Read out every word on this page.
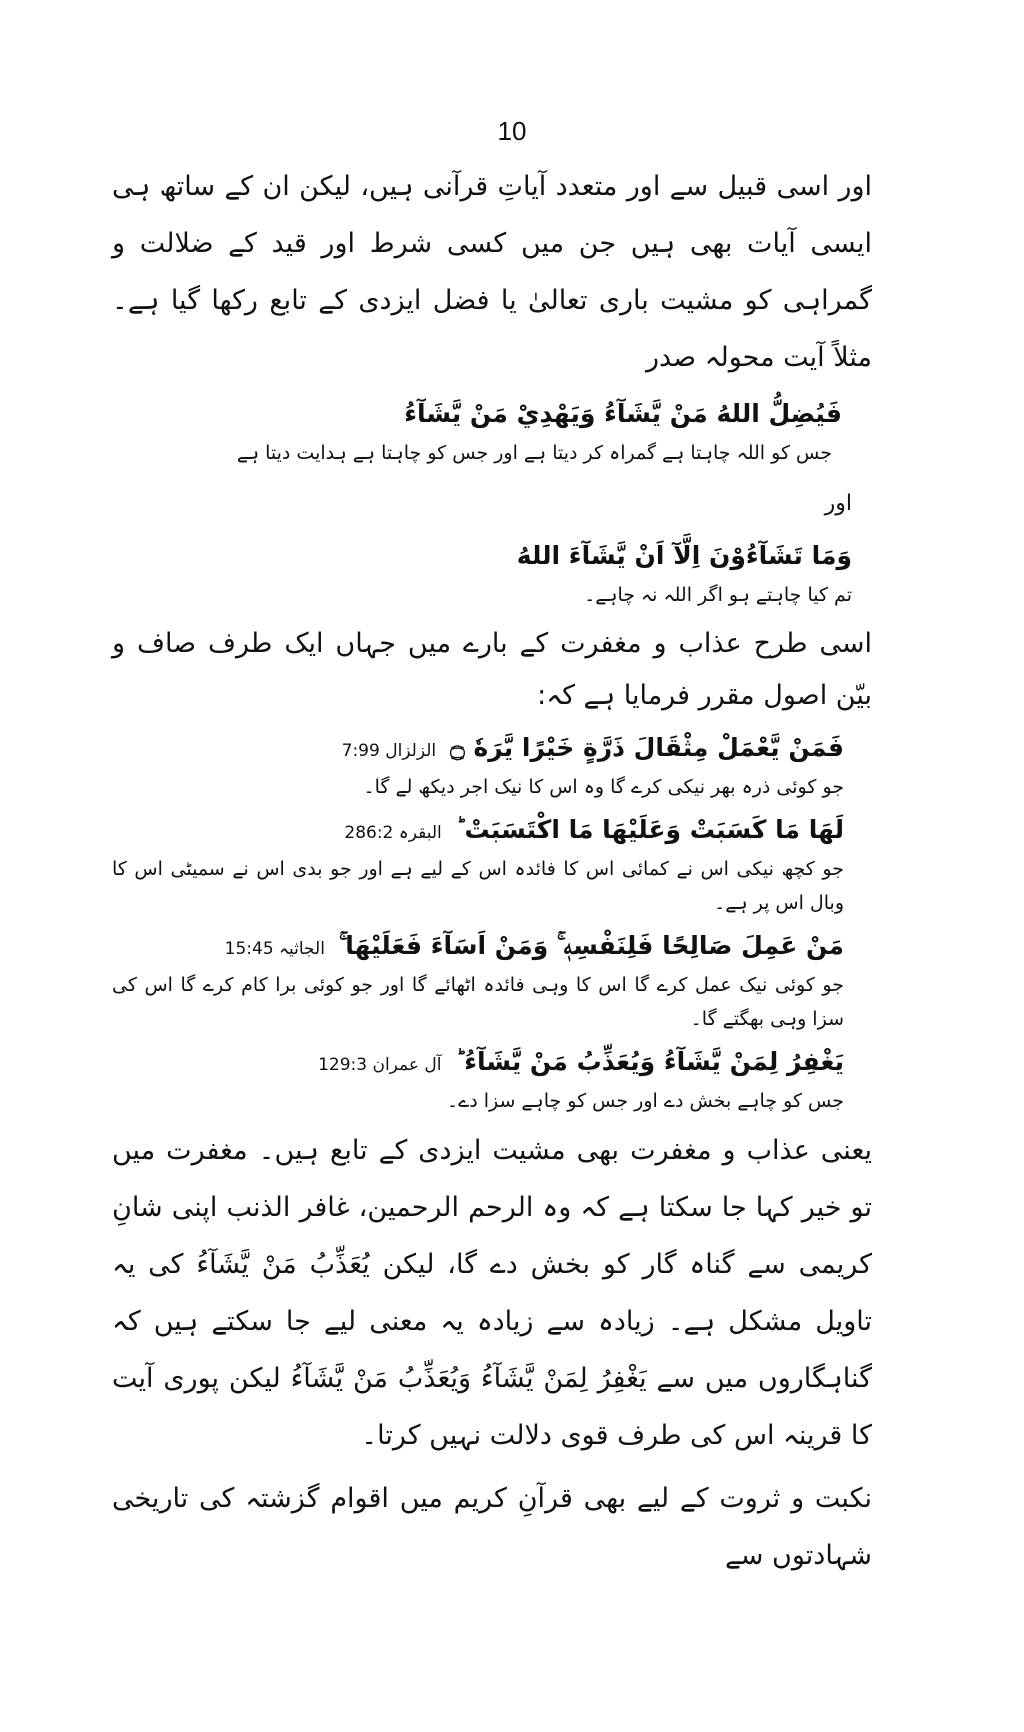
10

اور اسی قبیل سے اور متعدد آیاتِ قرآنی ہیں، لیکن ان کے ساتھ ہی ایسی آیات بھی ہیں جن میں کسی شرط اور قید کے ضلالت و گمراہی کو مشیت باری تعالیٰ یا فضل ایزدی کے تابع رکھا گیا ہے۔ مثلاً آیت محولہ صدر

فَيُضِلُّ اللهُ مَنْ يَّشَآءُ وَيَهْدِيْ مَنْ يَّشَآءُ

جس کو اللہ چاہتا ہے گمراہ کر دیتا ہے اور جس کو چاہتا ہے ہدایت دیتا ہے

اور

وَمَا تَشَآءُوْنَ اِلَّآ اَنْ يَّشَآءَ اللهُ

تم کیا چاہتے ہو اگر اللہ نہ چاہے۔

اسی طرح عذاب و مغفرت کے بارے میں جہاں ایک طرف صاف و بیّن اصول مقرر فرمایا ہے کہ:

فَمَنْ يَّعْمَلْ مِثْقَالَ ذَرَّةٍ خَيْرًا يَّرَهٗ ۝

الزلزال 7:99

جو کوئی ذرہ بھر نیکی کرے گا وہ اس کا نیک اجر دیکھ لے گا۔

لَهَا مَا كَسَبَتْ وَعَلَيْهَا مَا اكْتَسَبَتْ ؕ

البقرہ 286:2

جو کچھ نیکی اس نے کمائی اس کا فائدہ اس کے لیے ہے اور جو بدی اس نے سمیٹی اس کا وبال اس پر ہے۔

مَنْ عَمِلَ صَالِحًا فَلِنَفْسِهٖ ۚ وَمَنْ اَسَآءَ فَعَلَيْهَا ۚ

الجاثیہ 15:45

جو کوئی نیک عمل کرے گا اس کا وہی فائدہ اٹھائے گا اور جو کوئی برا کام کرے گا اس کی سزا وہی بھگتے گا۔

يَغْفِرُ لِمَنْ يَّشَآءُ وَيُعَذِّبُ مَنْ يَّشَآءُ ؕ

آل عمران 129:3

جس کو چاہے بخش دے اور جس کو چاہے سزا دے۔

یعنی عذاب و مغفرت بھی مشیت ایزدی کے تابع ہیں۔ مغفرت میں تو خیر کہا جا سکتا ہے کہ وہ الرحم الرحمین، غافر الذنب اپنی شانِ کریمی سے گناہ گار کو بخش دے گا، لیکن يُعَذِّبُ مَنْ يَّشَآءُ کی یہ تاویل مشکل ہے۔ زیادہ سے زیادہ یہ معنی لیے جا سکتے ہیں کہ گناہگاروں میں سے يَغْفِرُ لِمَنْ يَّشَآءُ وَيُعَذِّبُ مَنْ يَّشَآءُ لیکن پوری آیت کا قرینہ اس کی طرف قوی دلالت نہیں کرتا۔

نکبت و ثروت کے لیے بھی قرآنِ کریم میں اقوام گزشتہ کی تاریخی شہادتوں سے
